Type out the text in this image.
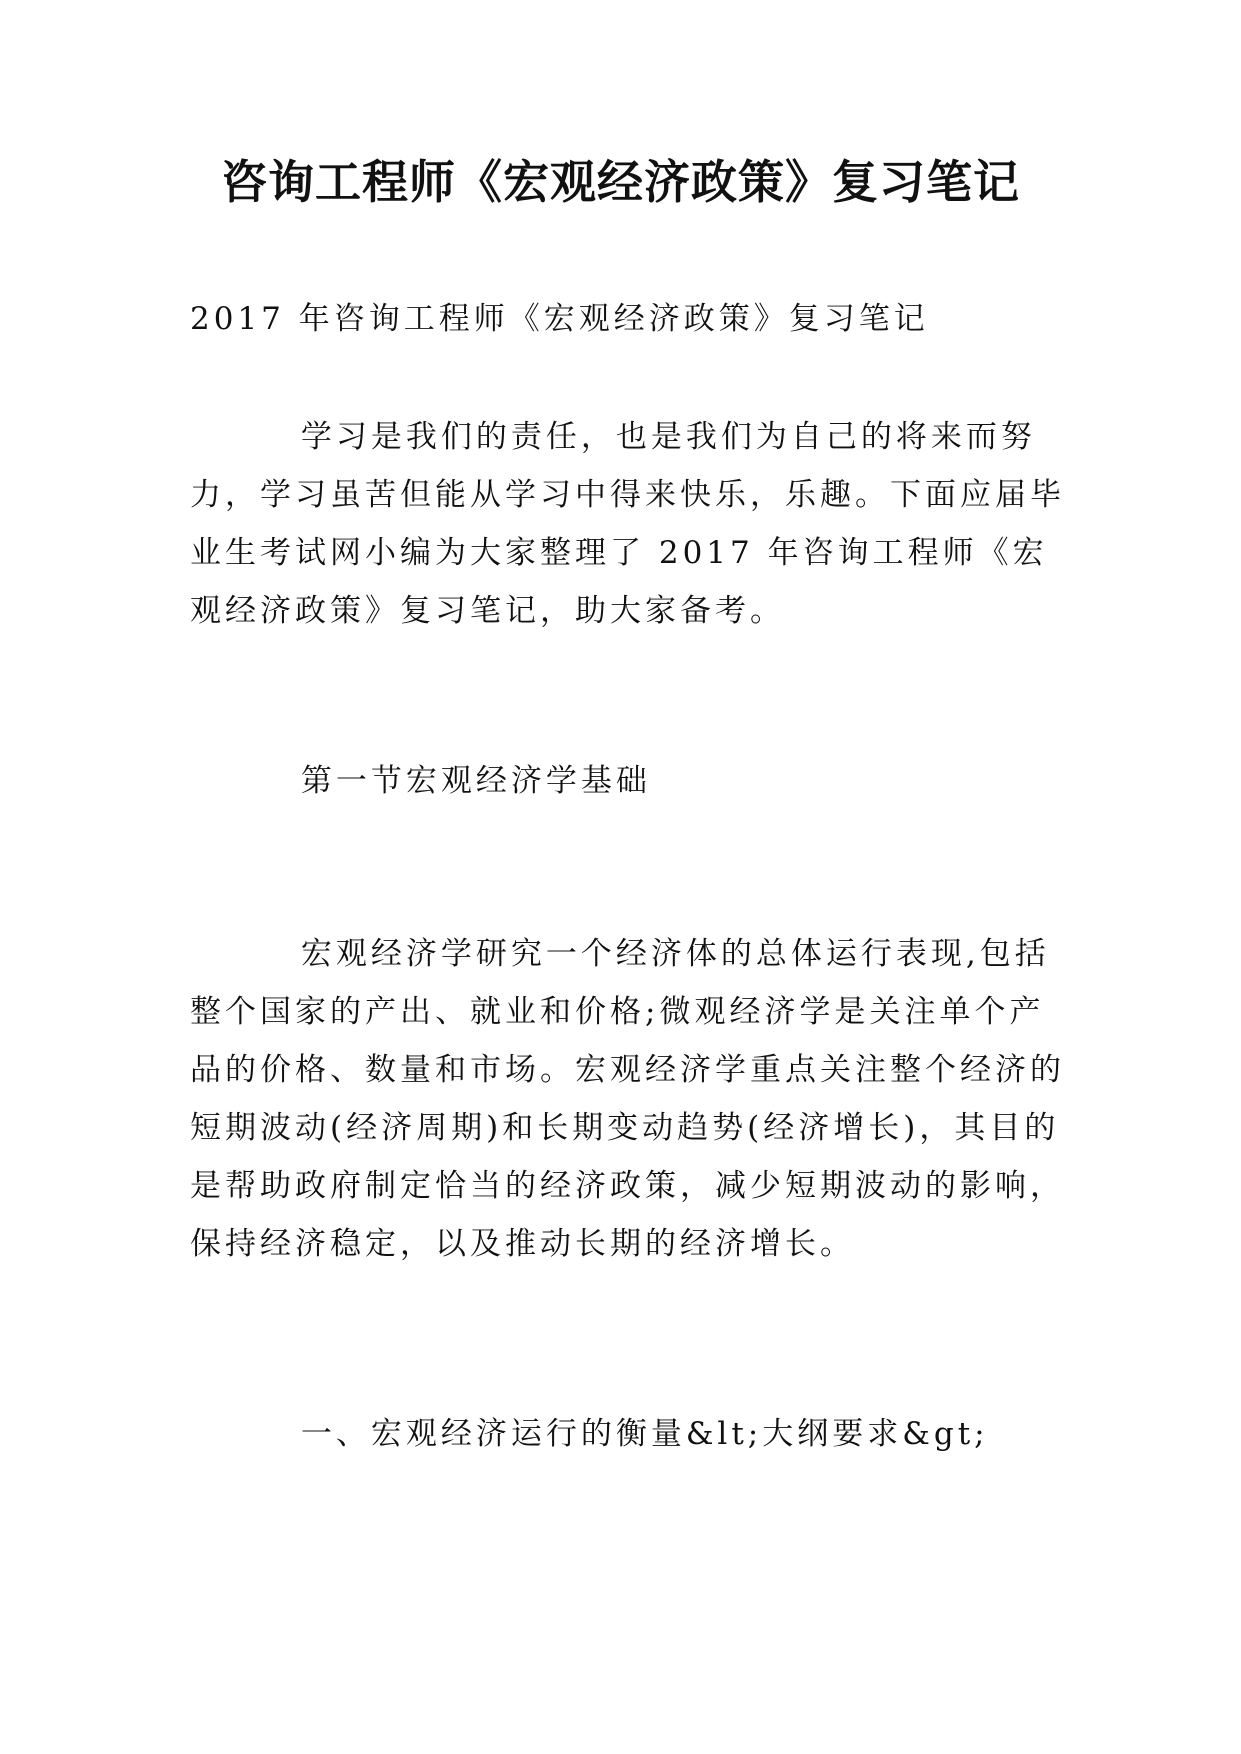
咨询工程师《宏观经济政策》复习笔记
2017 年咨询工程师《宏观经济政策》复习笔记
学习是我们的责任，也是我们为自己的将来而努力，学习虽苦但能从学习中得来快乐，乐趣。下面应届毕业生考试网小编为大家整理了 2017 年咨询工程师《宏观经济政策》复习笔记，助大家备考。
第一节宏观经济学基础
宏观经济学研究一个经济体的总体运行表现,包括整个国家的产出、就业和价格;微观经济学是关注单个产品的价格、数量和市场。宏观经济学重点关注整个经济的短期波动(经济周期)和长期变动趋势(经济增长)，其目的是帮助政府制定恰当的经济政策，减少短期波动的影响，保持经济稳定，以及推动长期的经济增长。
一、宏观经济运行的衡量&lt;大纲要求&gt;
